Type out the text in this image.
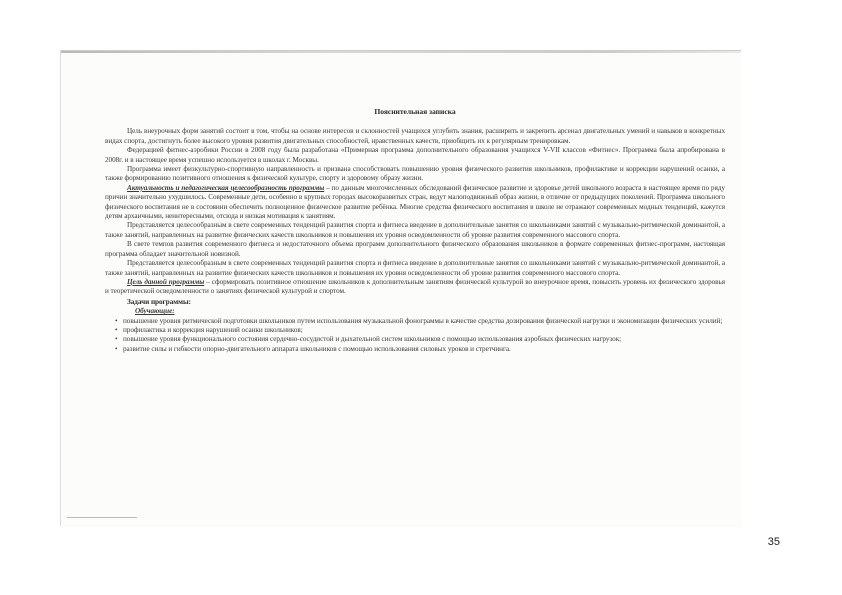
Пояснительная записка

Цель внеурочных форм занятий состоит в том, чтобы на основе интересов и склонностей учащихся углубить знания, расширить и закрепить арсенал двигательных умений и навыков в конкретных видах спорта, достигнуть более высокого уровня развития двигательных способностей, нравственных качеств, приобщить их к регулярным тренировкам.

Федерацией фитнес-аэробики России в 2008 году была разработана «Примерная программа дополнительного образования учащихся V-VII классов «Фитнес». Программа была апробирована в 2008г. и в настоящее время успешно используется в школах г. Москвы.

Программа имеет физкультурно-спортивную направленность и призвана способствовать повышению уровня физического развития школьников, профилактике и коррекции нарушений осанки, а также формированию позитивного отношения к физической культуре, спорту и здоровому образу жизни.

Актуальность и педагогическая целесообразность программы – по данным многочисленных обследований физическое развитие и здоровье детей школьного возраста в настоящее время по ряду причин значительно ухудшилось. Современные дети, особенно в крупных городах высокоразвитых стран, ведут малоподвижный образ жизни, в отличие от предыдущих поколений. Программа школьного физического воспитания не в состоянии обеспечить полноценное физическое развитие ребёнка. Многие средства физического воспитания в школе не отражают современных модных тенденций, кажутся детям архаичными, неинтересными, отсюда и низкая мотивация к занятиям.

Представляется целесообразным в свете современных тенденций развития спорта и фитнеса введение в дополнительные занятия со школьниками занятий с музыкально-ритмической доминантой, а также занятий, направленных на развитие физических качеств школьников и повышения их уровня осведомленности об уровне развития современного массового спорта.

В свете темпов развития современного фитнеса и недостаточного объема программ дополнительного физического образования школьников в формате современных фитнес-программ, настоящая программа обладает значительной новизной.

Представляется целесообразным в свете современных тенденций развития спорта и фитнеса введение в дополнительные занятия со школьниками занятий с музыкально-ритмической доминантой, а также занятий, направленных на развитие физических качеств школьников и повышения их уровня осведомленности об уровне развития современного массового спорта.

Цель данной программы – сформировать позитивное отношение школьников к дополнительным занятиям физической культурой во внеурочное время, повысить уровень их физического здоровья и теоретической осведомленности о занятиях физической культурой и спортом.

Задачи программы:
Обучающие:
• повышение уровня ритмической подготовки школьников путем использования музыкальной фонограммы в качестве средства дозирования физической нагрузки и экономизации физических усилий;
• профилактика и коррекция нарушений осанки школьников;
• повышение уровня функционального состояния сердечно-сосудистой и дыхательной систем школьников с помощью использования аэробных физических нагрузок;
• развитие силы и гибкости опорно-двигательного аппарата школьников с помощью использования силовых уроков и стретчинга.
35
